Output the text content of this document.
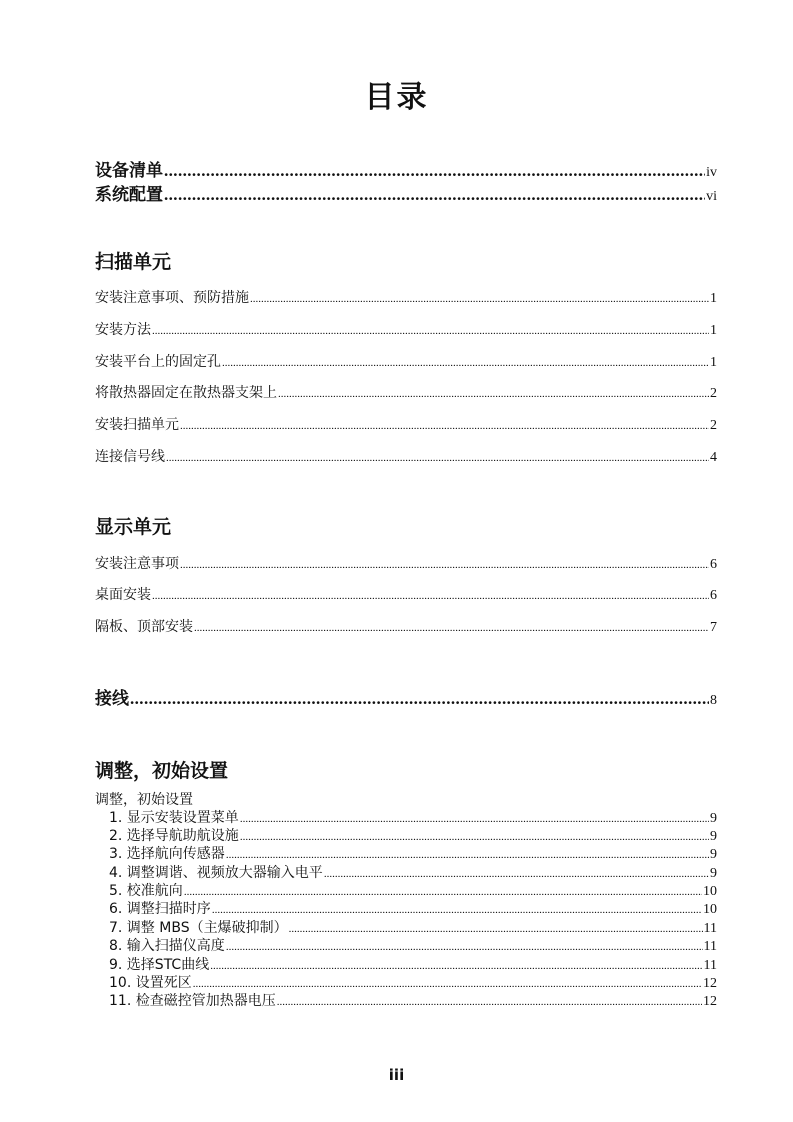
目录
设备清单 .....	iv
系统配置 .....	vi
扫描单元
安装注意事项、预防措施 .....	1
安装方法 .....	1
安装平台上的固定孔 .....	1
将散热器固定在散热器支架上 .....	2
安装扫描单元 .....	2
连接信号线 .....	4
显示单元
安装注意事项 .....	6
桌面安装 .....	6
隔板、顶部安装 .....	7
接线 .....	8
调整，初始设置
调整，初始设置
1. 显示安装设置菜单 .....	9
2. 选择导航助航设施 .....	9
3. 选择航向传感器 .....	9
4. 调整调谐、视频放大器输入电平 .....	9
5. 校准航向 .....	10
6. 调整扫描时序 .....	10
7. 调整 MBS（主爆破抑制） .....	11
8. 输入扫描仪高度 .....	11
9. 选择STC曲线 .....	11
10. 设置死区 .....	12
11. 检查磁控管加热器电压 .....	12
iii
